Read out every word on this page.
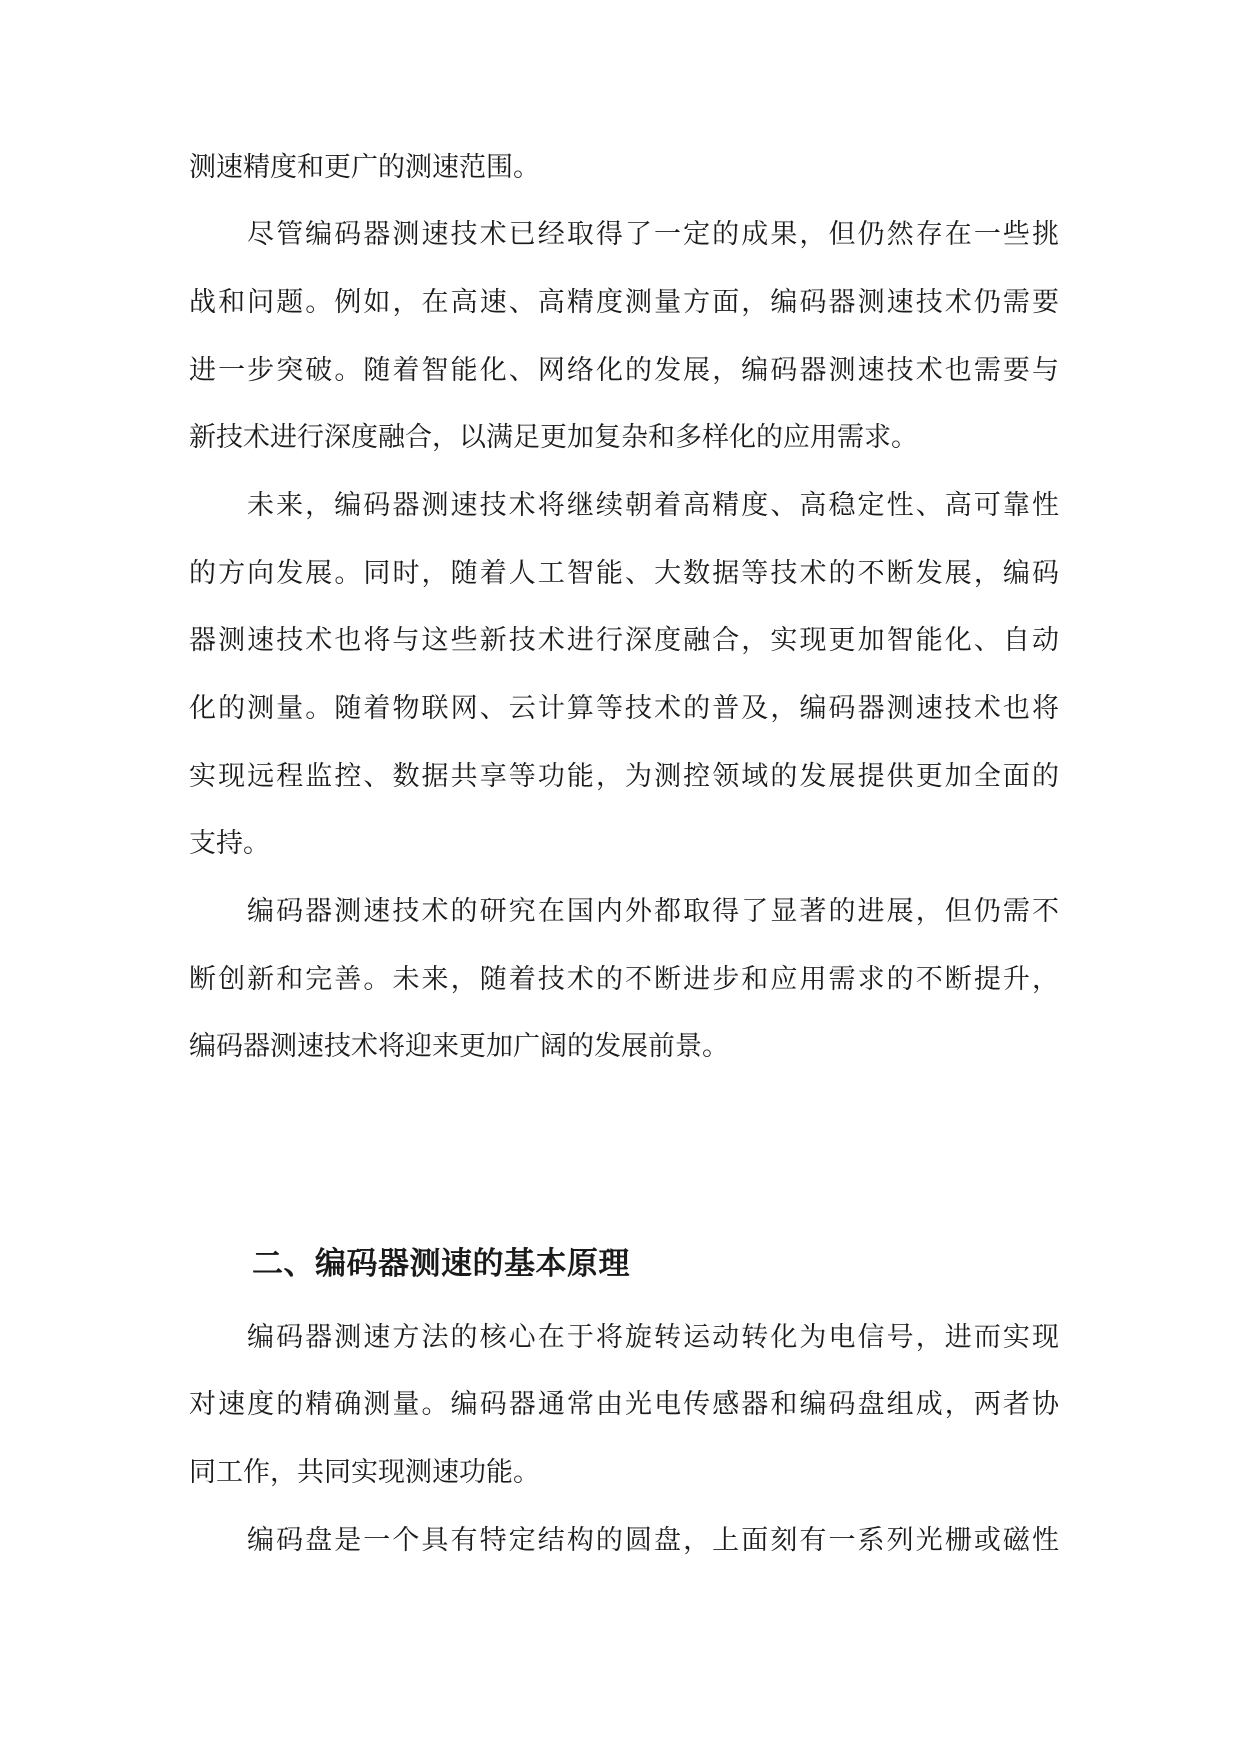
测速精度和更广的测速范围。

尽管编码器测速技术已经取得了一定的成果，但仍然存在一些挑

战和问题。例如，在高速、高精度测量方面，编码器测速技术仍需要

进一步突破。随着智能化、网络化的发展，编码器测速技术也需要与

新技术进行深度融合，以满足更加复杂和多样化的应用需求。

未来，编码器测速技术将继续朝着高精度、高稳定性、高可靠性

的方向发展。同时，随着人工智能、大数据等技术的不断发展，编码

器测速技术也将与这些新技术进行深度融合，实现更加智能化、自动

化的测量。随着物联网、云计算等技术的普及，编码器测速技术也将

实现远程监控、数据共享等功能，为测控领域的发展提供更加全面的

支持。

编码器测速技术的研究在国内外都取得了显著的进展，但仍需不

断创新和完善。未来，随着技术的不断进步和应用需求的不断提升，

编码器测速技术将迎来更加广阔的发展前景。

二、编码器测速的基本原理

编码器测速方法的核心在于将旋转运动转化为电信号，进而实现

对速度的精确测量。编码器通常由光电传感器和编码盘组成，两者协

同工作，共同实现测速功能。

编码盘是一个具有特定结构的圆盘，上面刻有一系列光栅或磁性
